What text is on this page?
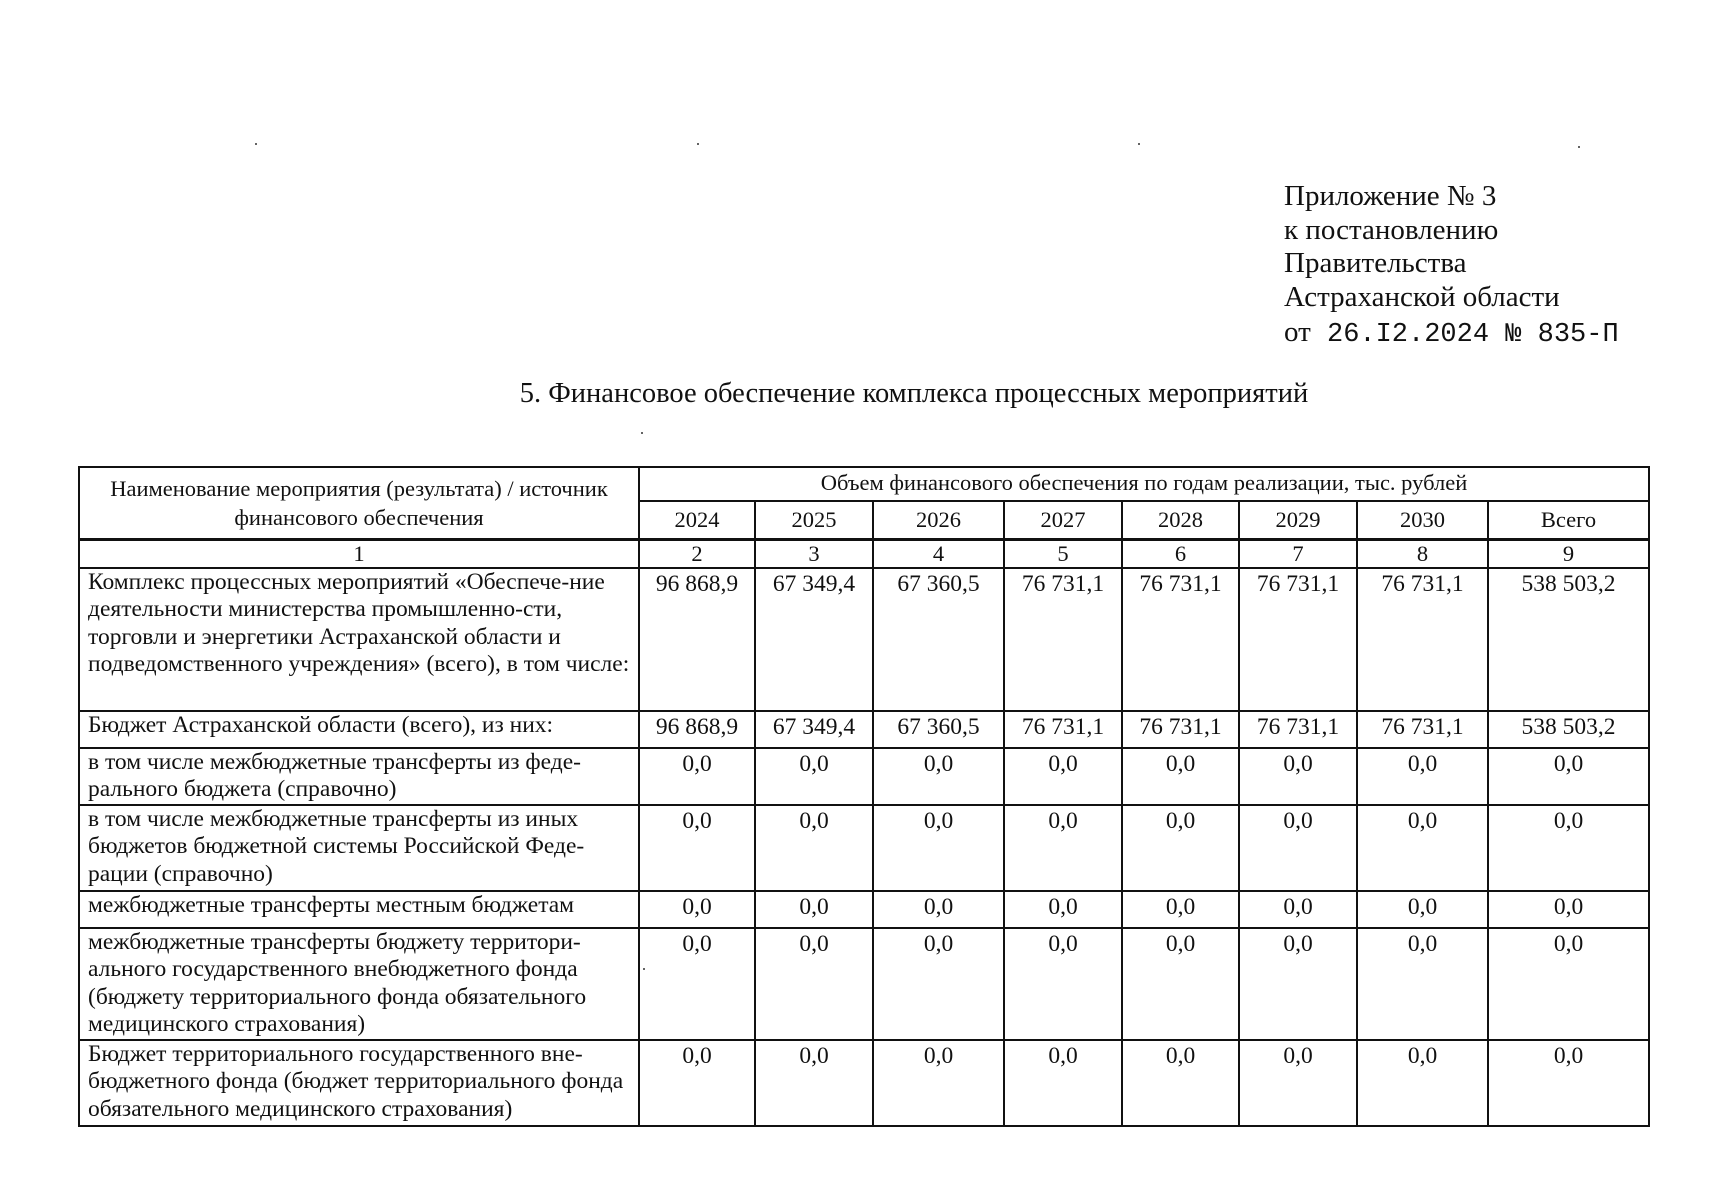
Приложение № 3
к постановлению
Правительства
Астраханской области
от 26.I2.2024 № 835-П
5. Финансовое обеспечение комплекса процессных мероприятий
Наименование мероприятия (результата) / источник финансового обеспечения	Объем финансового обеспечения по годам реализации, тыс. рублей							
	2024	2025	2026	2027	2028	2029	2030	Всего
1	2	3	4	5	6	7	8	9
Комплекс процессных мероприятий «Обеспече-ние деятельности министерства промышленно-сти, торговли и энергетики Астраханской области и подведомственного учреждения» (всего), в том числе:	96 868,9	67 349,4	67 360,5	76 731,1	76 731,1	76 731,1	76 731,1	538 503,2
Бюджет Астраханской области (всего), из них:	96 868,9	67 349,4	67 360,5	76 731,1	76 731,1	76 731,1	76 731,1	538 503,2
в том числе межбюджетные трансферты из феде-рального бюджета (справочно)	0,0	0,0	0,0	0,0	0,0	0,0	0,0	0,0
в том числе межбюджетные трансферты из иных бюджетов бюджетной системы Российской Феде-рации (справочно)	0,0	0,0	0,0	0,0	0,0	0,0	0,0	0,0
межбюджетные трансферты местным бюджетам	0,0	0,0	0,0	0,0	0,0	0,0	0,0	0,0
межбюджетные трансферты бюджету территори-ального государственного внебюджетного фонда (бюджету территориального фонда обязательного медицинского страхования)	0,0	0,0	0,0	0,0	0,0	0,0	0,0	0,0
Бюджет территориального государственного вне-бюджетного фонда (бюджет территориального фонда обязательного медицинского страхования)	0,0	0,0	0,0	0,0	0,0	0,0	0,0	0,0
